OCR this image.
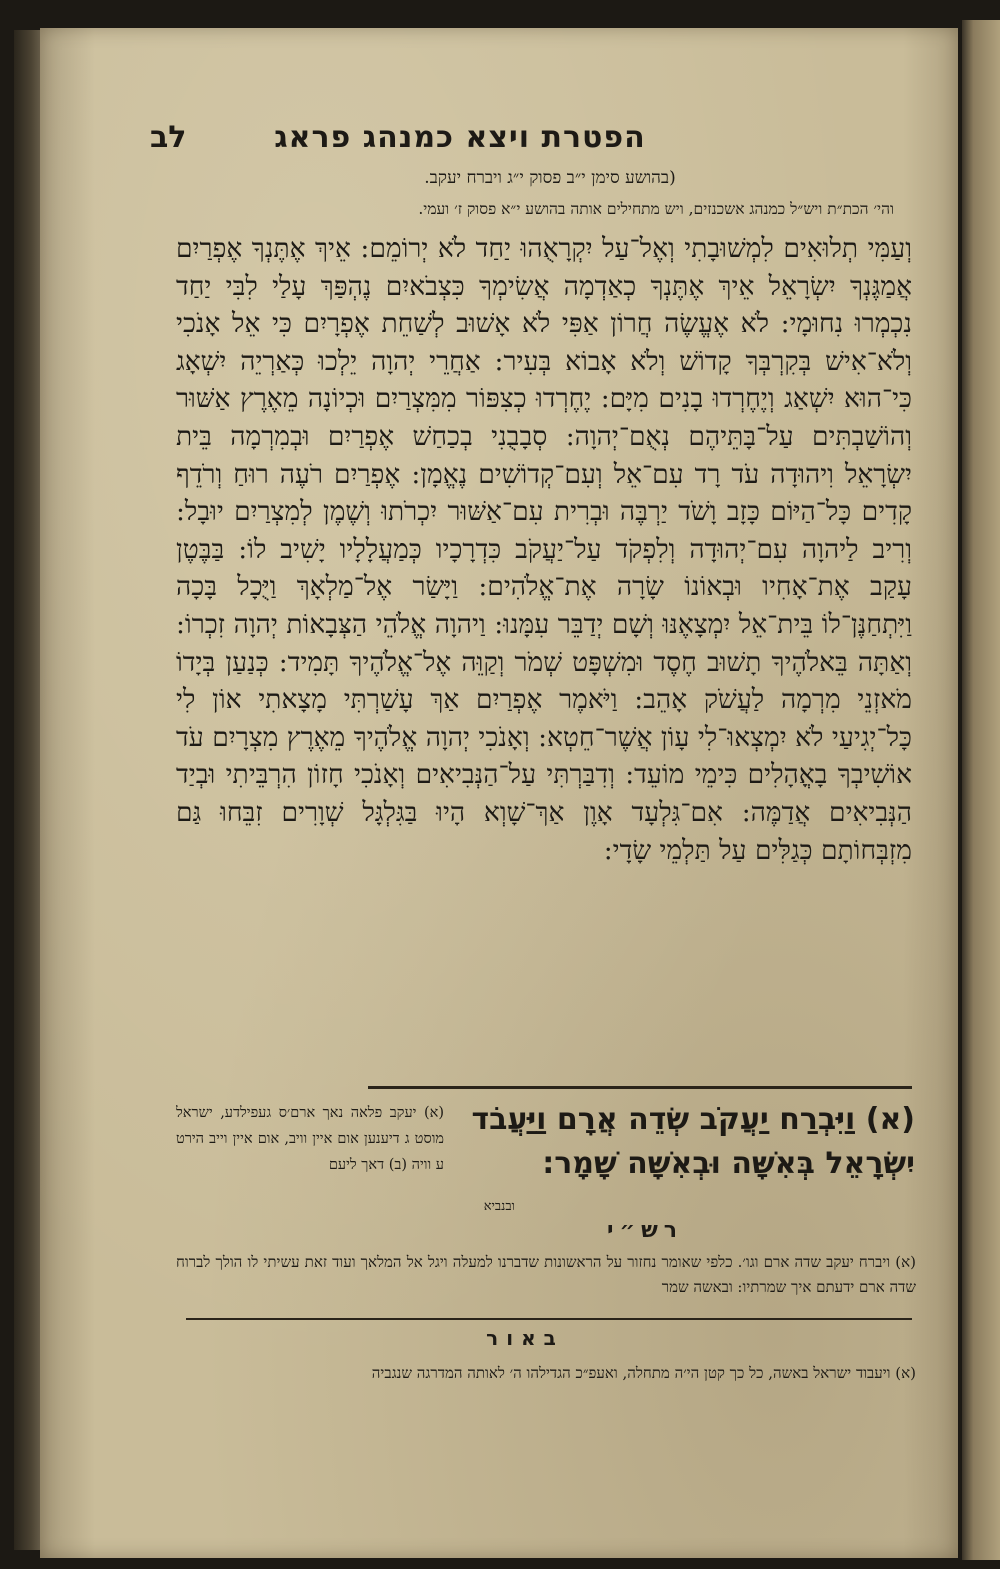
הפטרת ויצא כמנהג פראג
לב
(בהושע סימן י״ב פסוק י״ג ויברח יעקב.
והי׳ הכת״ת ויש״ל כמנהג אשכנזים, ויש מתחילים אותה בהושע י״א פסוק ז׳ ועמי.
וְעַמִּי תְלוּאִים לִמְשׁוּבָתִי וְאֶל־עַל יִקְרָאֻהוּ יַחַד לֹא יְרוֹמֵם: אֵיךְ אֶתֶּנְךָ אֶפְרַיִם אֲמַגֶּנְךָ יִשְׂרָאֵל אֵיךְ אֶתֶּנְךָ כְאַדְמָה אֲשִׂימְךָ כִּצְבֹאיִם נֶהְפַּךְ עָלַי לִבִּי יַחַד נִכְמְרוּ נִחוּמָי: לֹא אֶעֱשֶׂה חֲרוֹן אַפִּי לֹא אָשׁוּב לְשַׁחֵת אֶפְרָיִם כִּי אֵל אָנֹכִי וְלֹא־אִישׁ בְּקִרְבְּךָ קָדוֹשׁ וְלֹא אָבוֹא בְּעִיר: אַחֲרֵי יְהוָה יֵלְכוּ כְּאַרְיֵה יִשְׁאָג כִּי־הוּא יִשְׁאַג וְיֶחֶרְדוּ בָנִים מִיָּם: יֶחֶרְדוּ כְצִפּוֹר מִמִּצְרַיִם וּכְיוֹנָה מֵאֶרֶץ אַשּׁוּר וְהוֹשַׁבְתִּים עַל־בָּתֵּיהֶם נְאֻם־יְהוָה: סְבָבֻנִי בְכַחַשׁ אֶפְרַיִם וּבְמִרְמָה בֵּית יִשְׂרָאֵל וִיהוּדָה עֹד רָד עִם־אֵל וְעִם־קְדוֹשִׁים נֶאֱמָן: אֶפְרַיִם רֹעֶה רוּחַ וְרֹדֵף קָדִים כָּל־הַיּוֹם כָּזָב וָשֹׁד יַרְבֶּה וּבְרִית עִם־אַשּׁוּר יִכְרֹתוּ וְשֶׁמֶן לְמִצְרַיִם יוּבָל: וְרִיב לַיהוָה עִם־יְהוּדָה וְלִפְקֹד עַל־יַעֲקֹב כִּדְרָכָיו כְּמַעֲלָלָיו יָשִׁיב לוֹ: בַּבֶּטֶן עָקַב אֶת־אָחִיו וּבְאוֹנוֹ שָׂרָה אֶת־אֱלֹהִים: וַיָּשַׂר אֶל־מַלְאָךְ וַיֻּכָל בָּכָה וַיִּתְחַנֶּן־לוֹ בֵּית־אֵל יִמְצָאֶנּוּ וְשָׁם יְדַבֵּר עִמָּנוּ: וַיהוָה אֱלֹהֵי הַצְּבָאוֹת יְהוָה זִכְרוֹ: וְאַתָּה בֵּאלֹהֶיךָ תָשׁוּב חֶסֶד וּמִשְׁפָּט שְׁמֹר וְקַוֵּה אֶל־אֱלֹהֶיךָ תָּמִיד: כְּנַעַן בְּיָדוֹ מֹאזְנֵי מִרְמָה לַעֲשֹׁק אָהֵב: וַיֹּאמֶר אֶפְרַיִם אַךְ עָשַׁרְתִּי מָצָאתִי אוֹן לִי כָּל־יְגִיעַי לֹא יִמְצְאוּ־לִי עָוֹן אֲשֶׁר־חֵטְא: וְאָנֹכִי יְהוָה אֱלֹהֶיךָ מֵאֶרֶץ מִצְרָיִם עֹד אוֹשִׁיבְךָ בָאֳהָלִים כִּימֵי מוֹעֵד: וְדִבַּרְתִּי עַל־הַנְּבִיאִים וְאָנֹכִי חָזוֹן הִרְבֵּיתִי וּבְיַד הַנְּבִיאִים אֲדַמֶּה: אִם־גִּלְעָד אָוֶן אַךְ־שָׁוְא הָיוּ בַּגִּלְגָּל שְׁוָרִים זִבֵּחוּ גַּם מִזְבְּחוֹתָם כְּגַלִּים עַל תַּלְמֵי שָׂדָי:
(א) וַיִּבְרַח יַעֲקֹב שְׂדֵה אֲרָם וַיַּעֲבֹד יִשְׂרָאֵל בְּאִשָּׁה וּבְאִשָּׁה שָׁמָר:
(א) יעקב פלאה נאך ארם׳ס געפילדע, ישראל מוסט ג דיענען אום איין וויב, אום איין וייב הירט ע וויה (ב) דאך ליעם
ובנביא
רש״י
(א) ויברח יעקב שדה ארם וגו׳. כלפי שאומר נחזור על הראשונות שדברנו למעלה ויגל אל המלאך ועוד זאת עשיתי לו הולך לברוח שדה ארם ידעתם איך שמרתיו: ובאשה שמר
באור
(א) ויעבוד ישראל באשה, כל כך קטן הי׳ה מתחלה, ואעפ״כ הגדילהו ה׳ לאותה המדרגה שנגביה
